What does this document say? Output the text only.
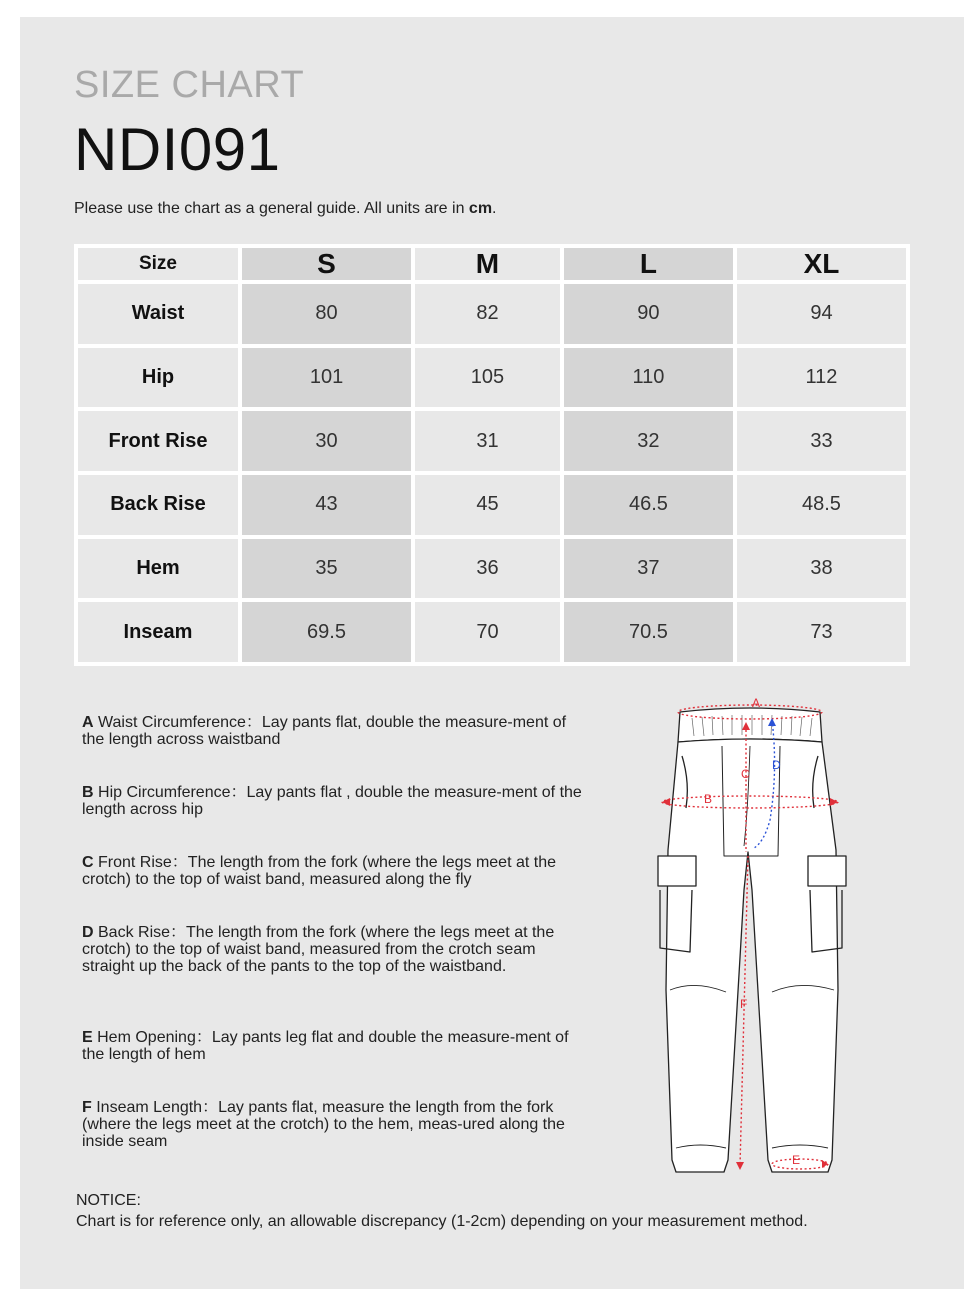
SIZE CHART
NDI091
Please use the chart as a general guide. All units are in cm.
Size	S	M	L	XL
Waist	80	82	90	94
Hip	101	105	110	112
Front Rise	30	31	32	33
Back Rise	43	45	46.5	48.5
Hem	35	36	37	38
Inseam	69.5	70	70.5	73

A Waist Circumference：Lay pants flat, double the measure-ment of the length across waistband

B Hip Circumference：Lay pants flat , double the measure-ment of the length across hip

C Front Rise：The length from the fork (where the legs meet at the crotch) to the top of waist band, measured along the fly

D Back Rise：The length from the fork (where the legs meet at the crotch) to the top of waist band, measured from the crotch seam straight up the back of the pants to the top of the waistband.

E Hem Opening：Lay pants leg flat and double the measure-ment of the length of hem

F Inseam Length：Lay pants flat, measure the length from the fork (where the legs meet at the crotch) to the hem, meas-ured along the inside seam

A
B
C
D
E
F
NOTICE:
Chart is for reference only, an allowable discrepancy (1-2cm) depending on your measurement method.
